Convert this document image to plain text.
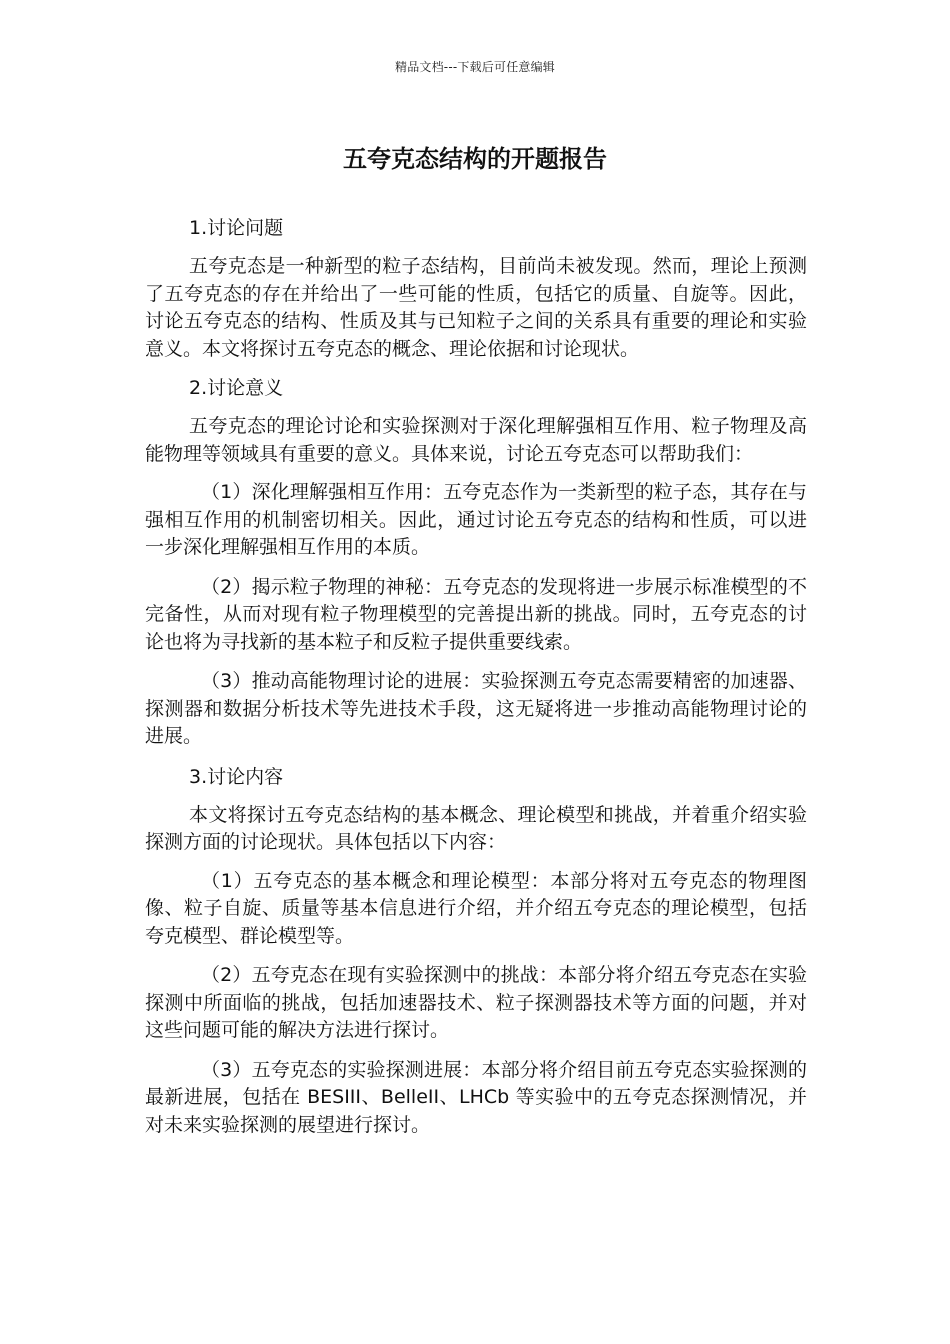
精品文档---下载后可任意编辑
五夸克态结构的开题报告

1.讨论问题

五夸克态是一种新型的粒子态结构，目前尚未被发现。然而，理论上预测了五夸克态的存在并给出了一些可能的性质，包括它的质量、自旋等。因此，讨论五夸克态的结构、性质及其与已知粒子之间的关系具有重要的理论和实验意义。本文将探讨五夸克态的概念、理论依据和讨论现状。

2.讨论意义

五夸克态的理论讨论和实验探测对于深化理解强相互作用、粒子物理及高能物理等领域具有重要的意义。具体来说，讨论五夸克态可以帮助我们：

（1）深化理解强相互作用：五夸克态作为一类新型的粒子态，其存在与强相互作用的机制密切相关。因此，通过讨论五夸克态的结构和性质，可以进一步深化理解强相互作用的本质。

（2）揭示粒子物理的神秘：五夸克态的发现将进一步展示标准模型的不完备性，从而对现有粒子物理模型的完善提出新的挑战。同时，五夸克态的讨论也将为寻找新的基本粒子和反粒子提供重要线索。

（3）推动高能物理讨论的进展：实验探测五夸克态需要精密的加速器、探测器和数据分析技术等先进技术手段，这无疑将进一步推动高能物理讨论的进展。

3.讨论内容

本文将探讨五夸克态结构的基本概念、理论模型和挑战，并着重介绍实验探测方面的讨论现状。具体包括以下内容：

（1）五夸克态的基本概念和理论模型：本部分将对五夸克态的物理图像、粒子自旋、质量等基本信息进行介绍，并介绍五夸克态的理论模型，包括夸克模型、群论模型等。

（2）五夸克态在现有实验探测中的挑战：本部分将介绍五夸克态在实验探测中所面临的挑战，包括加速器技术、粒子探测器技术等方面的问题，并对这些问题可能的解决方法进行探讨。

（3）五夸克态的实验探测进展：本部分将介绍目前五夸克态实验探测的最新进展，包括在 BESIII、BelleII、LHCb 等实验中的五夸克态探测情况，并对未来实验探测的展望进行探讨。
